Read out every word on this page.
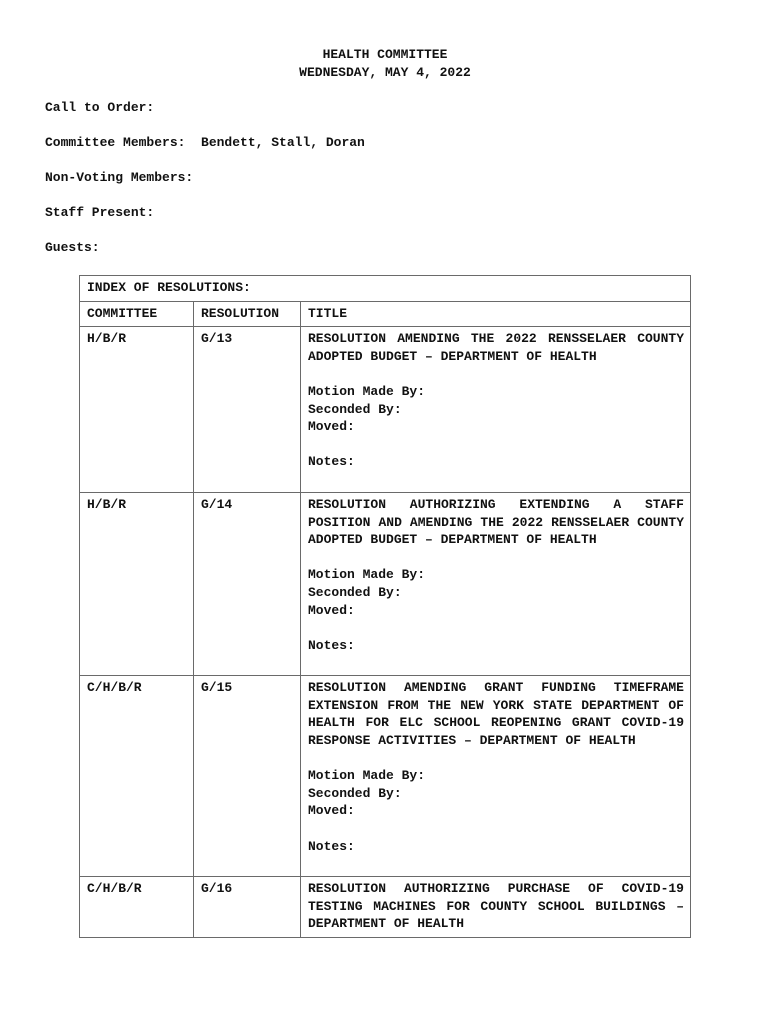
HEALTH COMMITTEE
WEDNESDAY, MAY 4, 2022
Call to Order:
Committee Members:  Bendett, Stall, Doran
Non-Voting Members:
Staff Present:
Guests:
INDEX OF RESOLUTIONS:		
COMMITTEE	RESOLUTION	TITLE
H/B/R	G/13	RESOLUTION AMENDING THE 2022 RENSSELAER COUNTY ADOPTED BUDGET – DEPARTMENT OF HEALTH
Motion Made By:
Seconded By:
Moved:
Notes:

H/B/R	G/14	RESOLUTION AUTHORIZING EXTENDING A STAFF POSITION AND AMENDING THE 2022 RENSSELAER COUNTY ADOPTED BUDGET – DEPARTMENT OF HEALTH
Motion Made By:
Seconded By:
Moved:
Notes:

C/H/B/R	G/15	RESOLUTION AMENDING GRANT FUNDING TIMEFRAME EXTENSION FROM THE NEW YORK STATE DEPARTMENT OF HEALTH FOR ELC SCHOOL REOPENING GRANT COVID-19 RESPONSE ACTIVITIES – DEPARTMENT OF HEALTH
Motion Made By:
Seconded By:
Moved:
Notes:

C/H/B/R	G/16	RESOLUTION AUTHORIZING PURCHASE OF COVID-19 TESTING MACHINES FOR COUNTY SCHOOL BUILDINGS – DEPARTMENT OF HEALTH
